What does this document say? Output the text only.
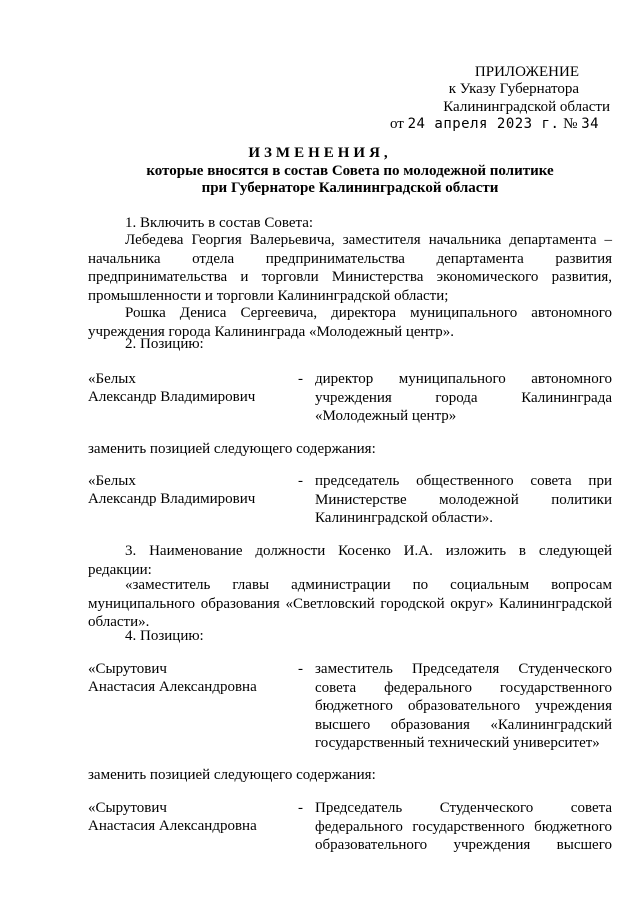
ПРИЛОЖЕНИЕ
к Указу Губернатора
Калининградской области
от 24 апреля 2023 г. № 34
ИЗМЕНЕНИЯ,
которые вносятся в состав Совета по молодежной политике
при Губернаторе Калининградской области
1. Включить в состав Совета:
Лебедева Георгия Валерьевича, заместителя начальника департамента – начальника отдела предпринимательства департамента развития предпринимательства и торговли Министерства экономического развития, промышленности и торговли Калининградской области;
Рошка Дениса Сергеевича, директора муниципального автономного учреждения города Калининграда «Молодежный центр».
2. Позицию:
«Белых
Александр Владимирович
- директор муниципального автономного учреждения города Калининграда «Молодежный центр»
заменить позицией следующего содержания:
«Белых
Александр Владимирович
- председатель общественного совета при Министерстве молодежной политики Калининградской области».
3. Наименование должности Косенко И.А. изложить в следующей редакции:
«заместитель главы администрации по социальным вопросам муниципального образования «Светловский городской округ» Калининградской области».
4. Позицию:
«Сырутович
Анастасия Александровна
- заместитель Председателя Студенческого совета федерального государственного бюджетного образовательного учреждения высшего образования «Калининградский государственный технический университет»
заменить позицией следующего содержания:
«Сырутович
Анастасия Александровна
- Председатель Студенческого совета федерального государственного бюджетного образовательного учреждения высшего
